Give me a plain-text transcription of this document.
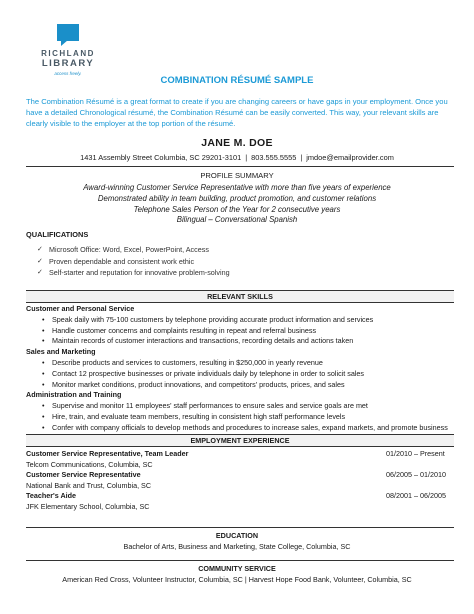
RICHLAND
LIBRARY
access freely.
COMBINATION RÉSUMÉ SAMPLE
The Combination Résumé is a great format to create if you are changing careers or have gaps in your employment. Once you have a detailed Chronological résumé, the Combination Résumé can be easily converted. This way, your relevant skills are clearly visible to the employer at the top portion of the résumé.
JANE M. DOE
1431 Assembly Street Columbia, SC 29201-3101 | 803.555.5555 | jmdoe@emailprovider.com
PROFILE SUMMARY
Award-winning Customer Service Representative with more than five years of experience
Demonstrated ability in team building, product promotion, and customer relations
Telephone Sales Person of the Year for 2 consecutive years
Bilingual – Conversational Spanish
QUALIFICATIONS
✓ Microsoft Office: Word, Excel, PowerPoint, Access
✓ Proven dependable and consistent work ethic
✓ Self-starter and reputation for innovative problem-solving
RELEVANT SKILLS
Customer and Personal Service
• Speak daily with 75-100 customers by telephone providing accurate product information and services
• Handle customer concerns and complaints resulting in repeat and referral business
• Maintain records of customer interactions and transactions, recording details and actions taken
Sales and Marketing
• Describe products and services to customers, resulting in $250,000 in yearly revenue
• Contact 12 prospective businesses or private individuals daily by telephone in order to solicit sales
• Monitor market conditions, product innovations, and competitors' products, prices, and sales
Administration and Training
• Supervise and monitor 11 employees' staff performances to ensure sales and service goals are met
• Hire, train, and evaluate team members, resulting in consistent high staff performance levels
• Confer with company officials to develop methods and procedures to increase sales, expand markets, and promote business
EMPLOYMENT EXPERIENCE
Customer Service Representative, Team Leader	01/2010 – Present
Telcom Communications, Columbia, SC
Customer Service Representative	06/2005 – 01/2010
National Bank and Trust, Columbia, SC
Teacher's Aide	08/2001 – 06/2005
JFK Elementary School, Columbia, SC
EDUCATION
Bachelor of Arts, Business and Marketing, State College, Columbia, SC
COMMUNITY SERVICE
American Red Cross, Volunteer Instructor, Columbia, SC | Harvest Hope Food Bank, Volunteer, Columbia, SC
